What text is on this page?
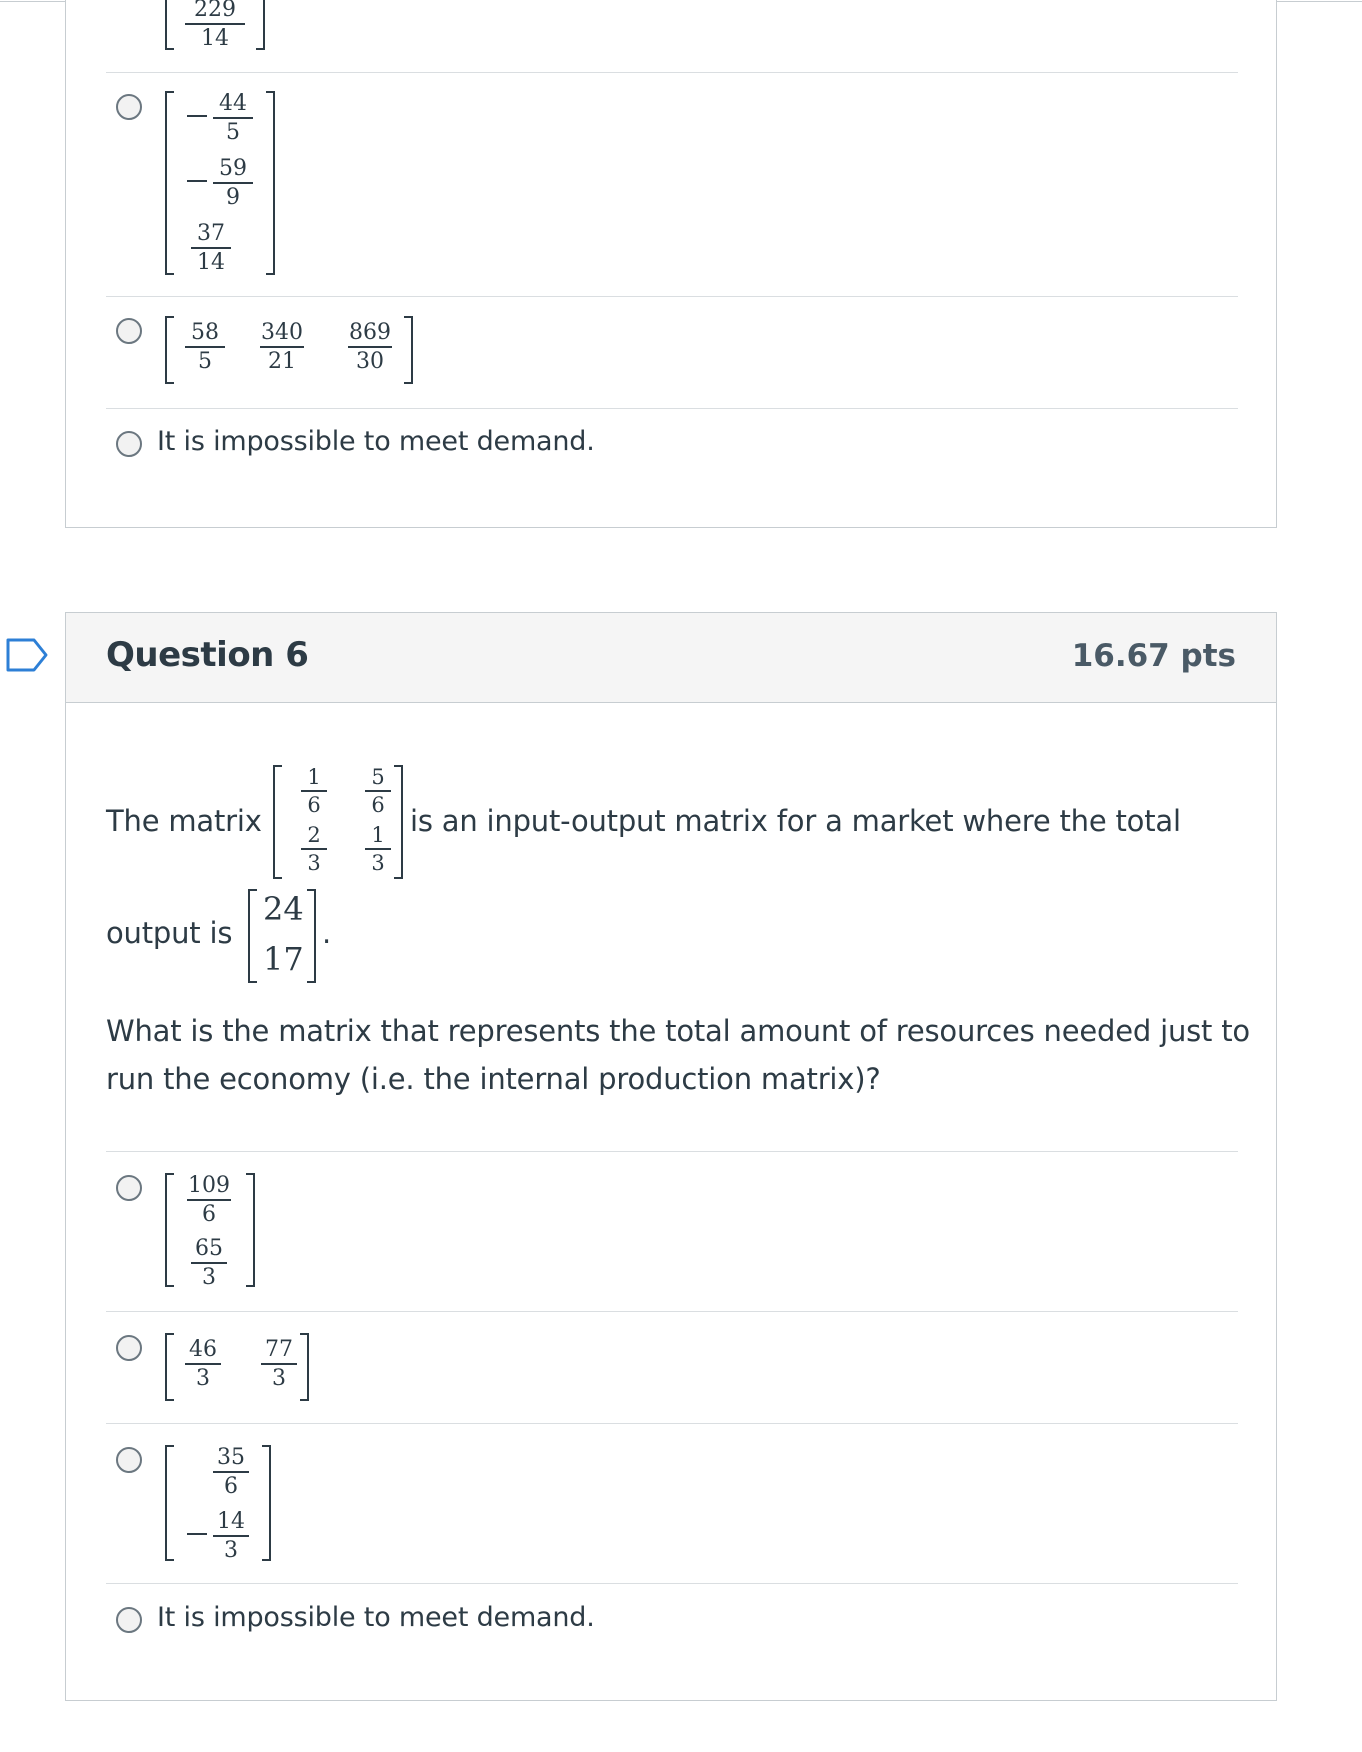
229
14
44
5
59
9
37
14
58
5
340
21
869
30
It is impossible to meet demand.
Question 6	16.67 pts
The matrix
1
6
5
6
2
3
1
3
is an input-output matrix for a market where the total
output is
24
17
.
What is the matrix that represents the total amount of resources needed just to
run the economy (i.e. the internal production matrix)?
109
6
65
3
46
3
77
3
35
6
14
3
It is impossible to meet demand.
